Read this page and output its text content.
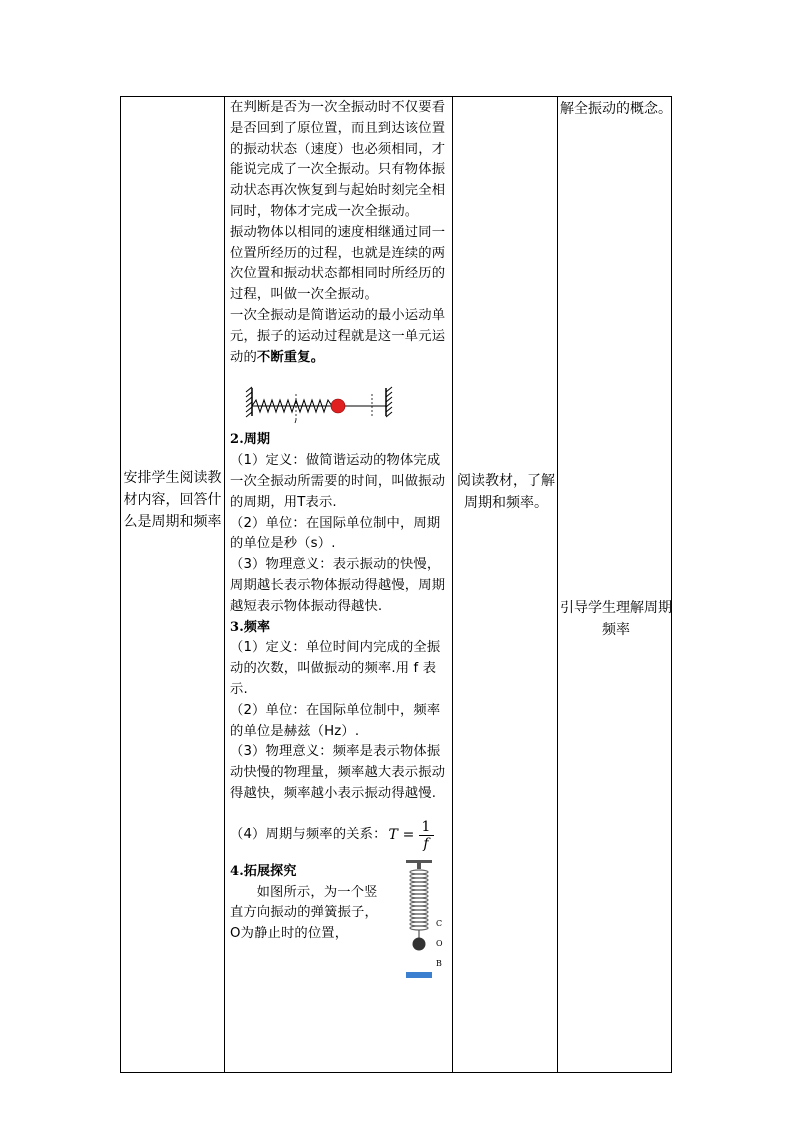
安排学生阅读教材内容，回答什么是周期和频率

在判断是否为一次全振动时不仅要看是否回到了原位置，而且到达该位置的振动状态（速度）也必须相同，才能说完成了一次全振动。只有物体振动状态再次恢复到与起始时刻完全相同时，物体才完成一次全振动。

振动物体以相同的速度相继通过同一位置所经历的过程，也就是连续的两次位置和振动状态都相同时所经历的过程，叫做一次全振动。

一次全振动是简谐运动的最小运动单元，振子的运动过程就是这一单元运动的不断重复。

2.周期

（1）定义：做简谐运动的物体完成一次全振动所需要的时间，叫做振动的周期，用T表示.

（2）单位：在国际单位制中，周期的单位是秒（s）.

（3）物理意义：表示振动的快慢，周期越长表示物体振动得越慢，周期越短表示物体振动得越快.

3.频率

（1）定义：单位时间内完成的全振动的次数，叫做振动的频率.用 f 表示.

（2）单位：在国际单位制中，频率的单位是赫兹（Hz）.

（3）物理意义：频率是表示物体振动快慢的物理量，频率越大表示振动得越快，频率越小表示振动得越慢.

（4）周期与频率的关系： $T = \frac{1}{f}$

4.拓展探究

如图所示，为一个竖直方向振动的弹簧振子，O为静止时的位置，

C
O
B
阅读教材，了解周期和频率。
解全振动的概念。
引导学生理解周期频率
